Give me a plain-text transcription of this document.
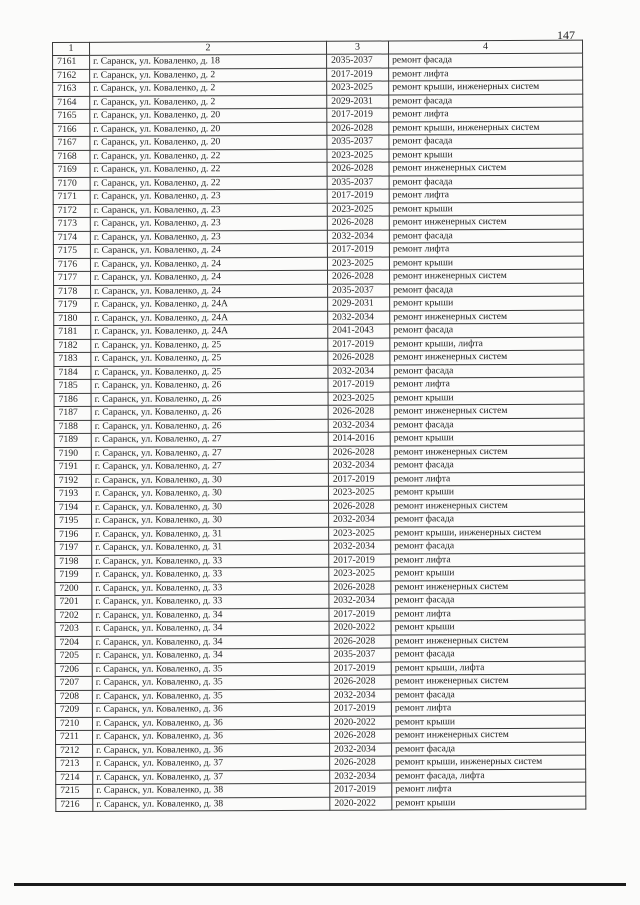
147
1	2	3	4
7161	г. Саранск, ул. Коваленко, д. 18	2035-2037	ремонт фасада
7162	г. Саранск, ул. Коваленко, д. 2	2017-2019	ремонт лифта
7163	г. Саранск, ул. Коваленко, д. 2	2023-2025	ремонт крыши, инженерных систем
7164	г. Саранск, ул. Коваленко, д. 2	2029-2031	ремонт фасада
7165	г. Саранск, ул. Коваленко, д. 20	2017-2019	ремонт лифта
7166	г. Саранск, ул. Коваленко, д. 20	2026-2028	ремонт крыши, инженерных систем
7167	г. Саранск, ул. Коваленко, д. 20	2035-2037	ремонт фасада
7168	г. Саранск, ул. Коваленко, д. 22	2023-2025	ремонт крыши
7169	г. Саранск, ул. Коваленко, д. 22	2026-2028	ремонт инженерных систем
7170	г. Саранск, ул. Коваленко, д. 22	2035-2037	ремонт фасада
7171	г. Саранск, ул. Коваленко, д. 23	2017-2019	ремонт лифта
7172	г. Саранск, ул. Коваленко, д. 23	2023-2025	ремонт крыши
7173	г. Саранск, ул. Коваленко, д. 23	2026-2028	ремонт инженерных систем
7174	г. Саранск, ул. Коваленко, д. 23	2032-2034	ремонт фасада
7175	г. Саранск, ул. Коваленко, д. 24	2017-2019	ремонт лифта
7176	г. Саранск, ул. Коваленко, д. 24	2023-2025	ремонт крыши
7177	г. Саранск, ул. Коваленко, д. 24	2026-2028	ремонт инженерных систем
7178	г. Саранск, ул. Коваленко, д. 24	2035-2037	ремонт фасада
7179	г. Саранск, ул. Коваленко, д. 24А	2029-2031	ремонт крыши
7180	г. Саранск, ул. Коваленко, д. 24А	2032-2034	ремонт инженерных систем
7181	г. Саранск, ул. Коваленко, д. 24А	2041-2043	ремонт фасада
7182	г. Саранск, ул. Коваленко, д. 25	2017-2019	ремонт крыши, лифта
7183	г. Саранск, ул. Коваленко, д. 25	2026-2028	ремонт инженерных систем
7184	г. Саранск, ул. Коваленко, д. 25	2032-2034	ремонт фасада
7185	г. Саранск, ул. Коваленко, д. 26	2017-2019	ремонт лифта
7186	г. Саранск, ул. Коваленко, д. 26	2023-2025	ремонт крыши
7187	г. Саранск, ул. Коваленко, д. 26	2026-2028	ремонт инженерных систем
7188	г. Саранск, ул. Коваленко, д. 26	2032-2034	ремонт фасада
7189	г. Саранск, ул. Коваленко, д. 27	2014-2016	ремонт крыши
7190	г. Саранск, ул. Коваленко, д. 27	2026-2028	ремонт инженерных систем
7191	г. Саранск, ул. Коваленко, д. 27	2032-2034	ремонт фасада
7192	г. Саранск, ул. Коваленко, д. 30	2017-2019	ремонт лифта
7193	г. Саранск, ул. Коваленко, д. 30	2023-2025	ремонт крыши
7194	г. Саранск, ул. Коваленко, д. 30	2026-2028	ремонт инженерных систем
7195	г. Саранск, ул. Коваленко, д. 30	2032-2034	ремонт фасада
7196	г. Саранск, ул. Коваленко, д. 31	2023-2025	ремонт крыши, инженерных систем
7197	г. Саранск, ул. Коваленко, д. 31	2032-2034	ремонт фасада
7198	г. Саранск, ул. Коваленко, д. 33	2017-2019	ремонт лифта
7199	г. Саранск, ул. Коваленко, д. 33	2023-2025	ремонт крыши
7200	г. Саранск, ул. Коваленко, д. 33	2026-2028	ремонт инженерных систем
7201	г. Саранск, ул. Коваленко, д. 33	2032-2034	ремонт фасада
7202	г. Саранск, ул. Коваленко, д. 34	2017-2019	ремонт лифта
7203	г. Саранск, ул. Коваленко, д. 34	2020-2022	ремонт крыши
7204	г. Саранск, ул. Коваленко, д. 34	2026-2028	ремонт инженерных систем
7205	г. Саранск, ул. Коваленко, д. 34	2035-2037	ремонт фасада
7206	г. Саранск, ул. Коваленко, д. 35	2017-2019	ремонт крыши, лифта
7207	г. Саранск, ул. Коваленко, д. 35	2026-2028	ремонт инженерных систем
7208	г. Саранск, ул. Коваленко, д. 35	2032-2034	ремонт фасада
7209	г. Саранск, ул. Коваленко, д. 36	2017-2019	ремонт лифта
7210	г. Саранск, ул. Коваленко, д. 36	2020-2022	ремонт крыши
7211	г. Саранск, ул. Коваленко, д. 36	2026-2028	ремонт инженерных систем
7212	г. Саранск, ул. Коваленко, д. 36	2032-2034	ремонт фасада
7213	г. Саранск, ул. Коваленко, д. 37	2026-2028	ремонт крыши, инженерных систем
7214	г. Саранск, ул. Коваленко, д. 37	2032-2034	ремонт фасада, лифта
7215	г. Саранск, ул. Коваленко, д. 38	2017-2019	ремонт лифта
7216	г. Саранск, ул. Коваленко, д. 38	2020-2022	ремонт крыши
